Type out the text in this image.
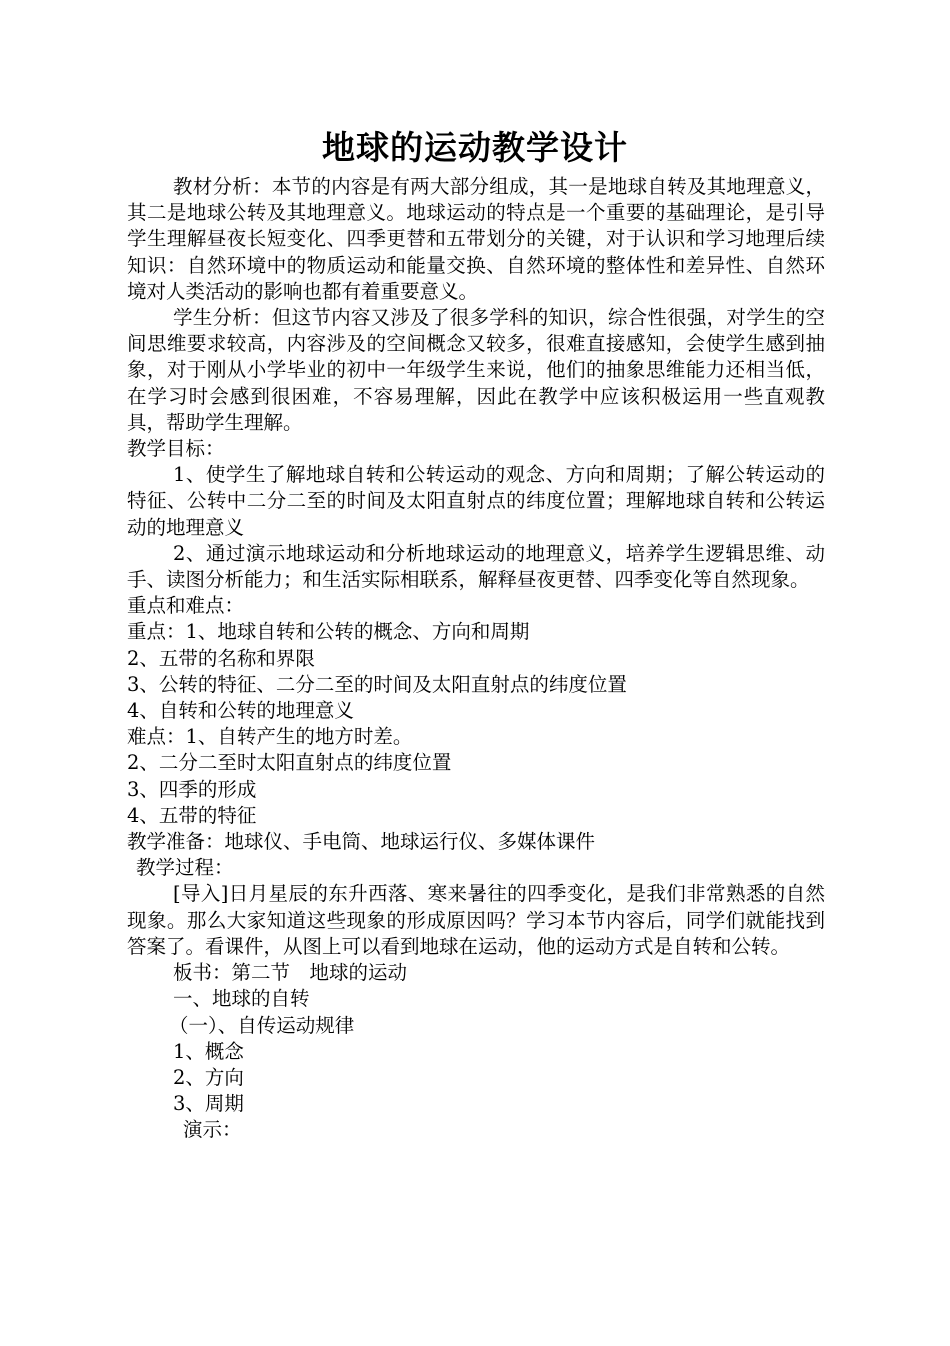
地球的运动教学设计

教材分析：本节的内容是有两大部分组成，其一是地球自转及其地理意义，其二是地球公转及其地理意义。地球运动的特点是一个重要的基础理论，是引导学生理解昼夜长短变化、四季更替和五带划分的关键，对于认识和学习地理后续知识：自然环境中的物质运动和能量交换、自然环境的整体性和差异性、自然环境对人类活动的影响也都有着重要意义。

学生分析：但这节内容又涉及了很多学科的知识，综合性很强，对学生的空间思维要求较高，内容涉及的空间概念又较多，很难直接感知，会使学生感到抽象，对于刚从小学毕业的初中一年级学生来说，他们的抽象思维能力还相当低，在学习时会感到很困难，不容易理解，因此在教学中应该积极运用一些直观教具，帮助学生理解。

教学目标：

1、使学生了解地球自转和公转运动的观念、方向和周期；了解公转运动的特征、公转中二分二至的时间及太阳直射点的纬度位置；理解地球自转和公转运动的地理意义

2、通过演示地球运动和分析地球运动的地理意义，培养学生逻辑思维、动手、读图分析能力；和生活实际相联系，解释昼夜更替、四季变化等自然现象。

重点和难点：

重点：1、地球自转和公转的概念、方向和周期

2、五带的名称和界限

3、公转的特征、二分二至的时间及太阳直射点的纬度位置

4、自转和公转的地理意义

难点：1、自转产生的地方时差。

2、二分二至时太阳直射点的纬度位置

3、四季的形成

4、五带的特征

教学准备：地球仪、手电筒、地球运行仪、多媒体课件

教学过程：

[导入]日月星辰的东升西落、寒来暑往的四季变化，是我们非常熟悉的自然现象。那么大家知道这些现象的形成原因吗？学习本节内容后，同学们就能找到答案了。看课件，从图上可以看到地球在运动，他的运动方式是自转和公转。

板书：第二节　地球的运动

一、地球的自转

（一）、自传运动规律

1、概念

2、方向

3、周期

演示：
